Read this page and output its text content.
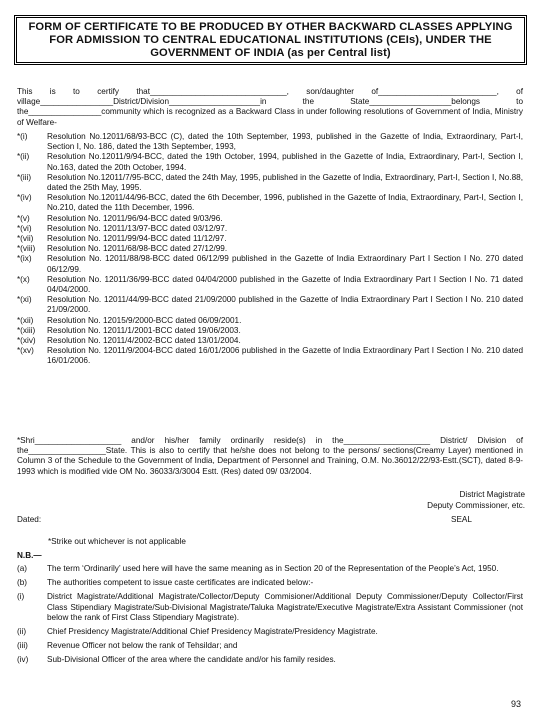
FORM OF CERTIFICATE TO BE PRODUCED BY OTHER BACKWARD CLASSES APPLYING FOR ADMISSION TO CENTRAL EDUCATIONAL INSTITUTIONS (CEIs), UNDER THE GOVERNMENT OF INDIA (as per Central list)
This is to certify that______________________________, son/daughter of__________________________, of village________________District/Division____________________in the State__________________belongs to the________________community which is recognized as a Backward Class in under following resolutions of Government of India, Ministry of Welfare-
*(i)	Resolution No.12011/68/93-BCC (C), dated the 10th September, 1993, published in the Gazette of India, Extraordinary, Part-I, Section I, No. 186, dated the 13th September, 1993,
*(ii)	Resolution No.12011/9/94-BCC, dated the 19th October, 1994, published in the Gazette of India, Extraordinary, Part-I, Section I, No.163, dated the 20th October, 1994.
*(iii)	Resolution No.12011/7/95-BCC, dated the 24th May, 1995, published in the Gazette of India, Extraordinary, Part-I, Section I, No.88, dated the 25th May, 1995.
*(iv)	Resolution No.12011/44/96-BCC, dated the 6th December, 1996, published in the Gazette of India, Extraordinary, Part-I, Section I, No.210, dated the 11th December, 1996.
*(v)	Resolution No. 12011/96/94-BCC dated 9/03/96.
*(vi)	Resolution No. 12011/13/97-BCC dated 03/12/97.
*(vii)	Resolution No. 12011/99/94-BCC dated 11/12/97.
*(viii)	Resolution No. 12011/68/98-BCC dated 27/12/99.
*(ix)	Resolution No. 12011/88/98-BCC dated 06/12/99 published in the Gazette of India Extraordinary Part I Section I No. 270 dated 06/12/99.
*(x)	Resolution No. 12011/36/99-BCC dated 04/04/2000 published in the Gazette of India Extraordinary Part I Section I No. 71 dated 04/04/2000.
*(xi)	Resolution No. 12011/44/99-BCC dated 21/09/2000 published in the Gazette of India Extraordinary Part I Section I No. 210 dated 21/09/2000.
*(xii)	Resolution No. 12015/9/2000-BCC dated 06/09/2001.
*(xiii)	Resolution No. 12011/1/2001-BCC dated 19/06/2003.
*(xiv)	Resolution No. 12011/4/2002-BCC dated 13/01/2004.
*(xv)	Resolution No. 12011/9/2004-BCC dated 16/01/2006 published in the Gazette of India Extraordinary Part I Section I No. 210 dated 16/01/2006.
*Shri___________________ and/or his/her family ordinarily reside(s) in the___________________ District/ Division of the_________________State. This is also to certify that he/she does not belong to the persons/ sections(Creamy Layer) mentioned in Column 3 of the Schedule to the Government of India, Department of Personnel and Training, O.M. No.36012/22/93-Estt.(SCT), dated 8-9-1993 which is modified vide OM No. 36033/3/3004 Estt. (Res) dated 09/ 03/2004.
District Magistrate
Deputy Commissioner, etc.
Dated:	SEAL
*Strike out whichever is not applicable
N.B.—
(a)	The term ‘Ordinarily’ used here will have the same meaning as in Section 20 of the Representation of the People’s Act, 1950.
(b)	The authorities competent to issue caste certificates are indicated below:-
(i)	District Magistrate/Additional Magistrate/Collector/Deputy Commisioner/Additional Deputy Commissioner/Deputy Collector/First Class Stipendiary Magistrate/Sub-Divisional Magistrate/Taluka Magistrate/Executive Magistrate/Extra Assistant Commissioner (not below the rank of First Class Stipendiary Magistrate).
(ii)	Chief Presidency Magistrate/Additional Chief Presidency Magistrate/Presidency Magistrate.
(iii)	Revenue Officer not below the rank of Tehsildar; and
(iv)	Sub-Divisional Officer of the area where the candidate and/or his family resides.
93
